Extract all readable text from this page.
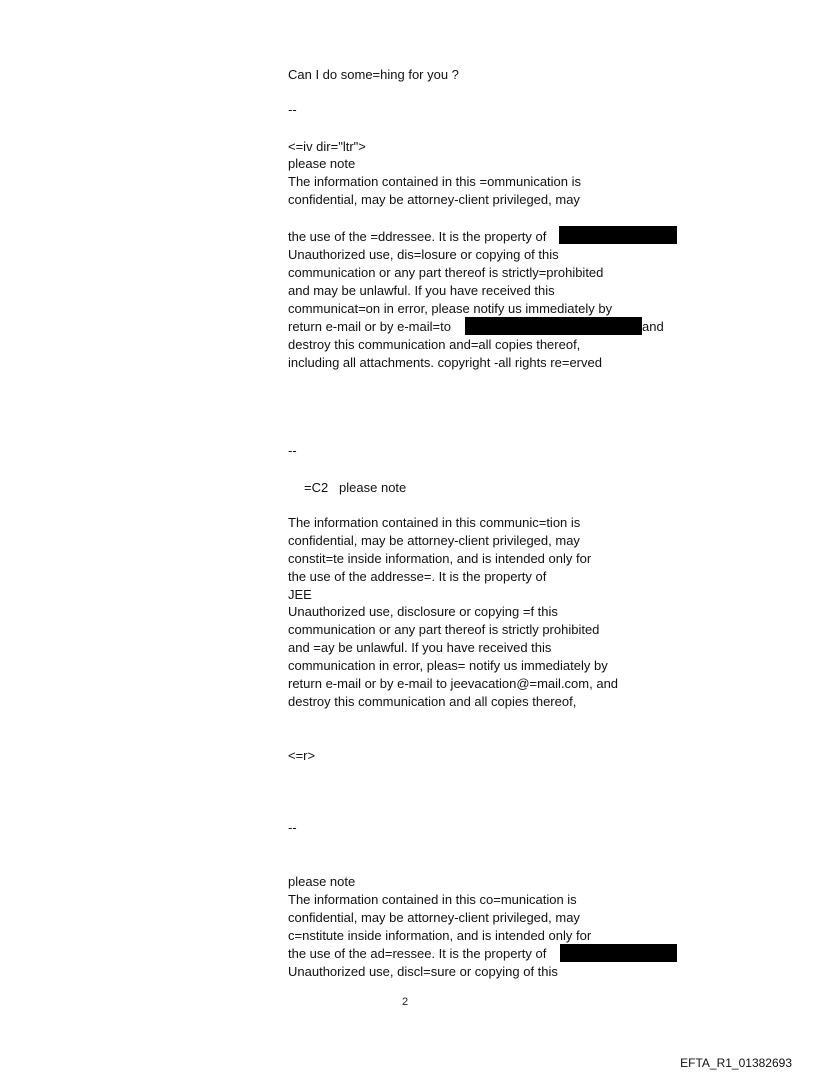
Can I do some=hing for you ?
--
<=iv dir="ltr">
please note
The information contained in this =ommunication is
confidential, may be attorney-client privileged, may
the use of the =ddressee. It is the property of
Unauthorized use, dis=losure or copying of this
communication or any part thereof is strictly=prohibited
and may be unlawful. If you have received this
communicat=on in error, please notify us immediately by
return e-mail or by e-mail=to	and
destroy this communication and=all copies thereof,
including all attachments. copyright -all rights re=erved
--
=C2   please note
The information contained in this communic=tion is
confidential, may be attorney-client privileged, may
constit=te inside information, and is intended only for
the use of the addresse=. It is the property of
JEE
Unauthorized use, disclosure or copying =f this
communication or any part thereof is strictly prohibited
and =ay be unlawful. If you have received this
communication in error, pleas= notify us immediately by
return e-mail or by e-mail to jeevacation@=mail.com, and
destroy this communication and all copies thereof,
<=r>
--
please note
The information contained in this co=munication is
confidential, may be attorney-client privileged, may
c=nstitute inside information, and is intended only for
the use of the ad=ressee. It is the property of
Unauthorized use, discl=sure or copying of this
2
EFTA_R1_01382693
